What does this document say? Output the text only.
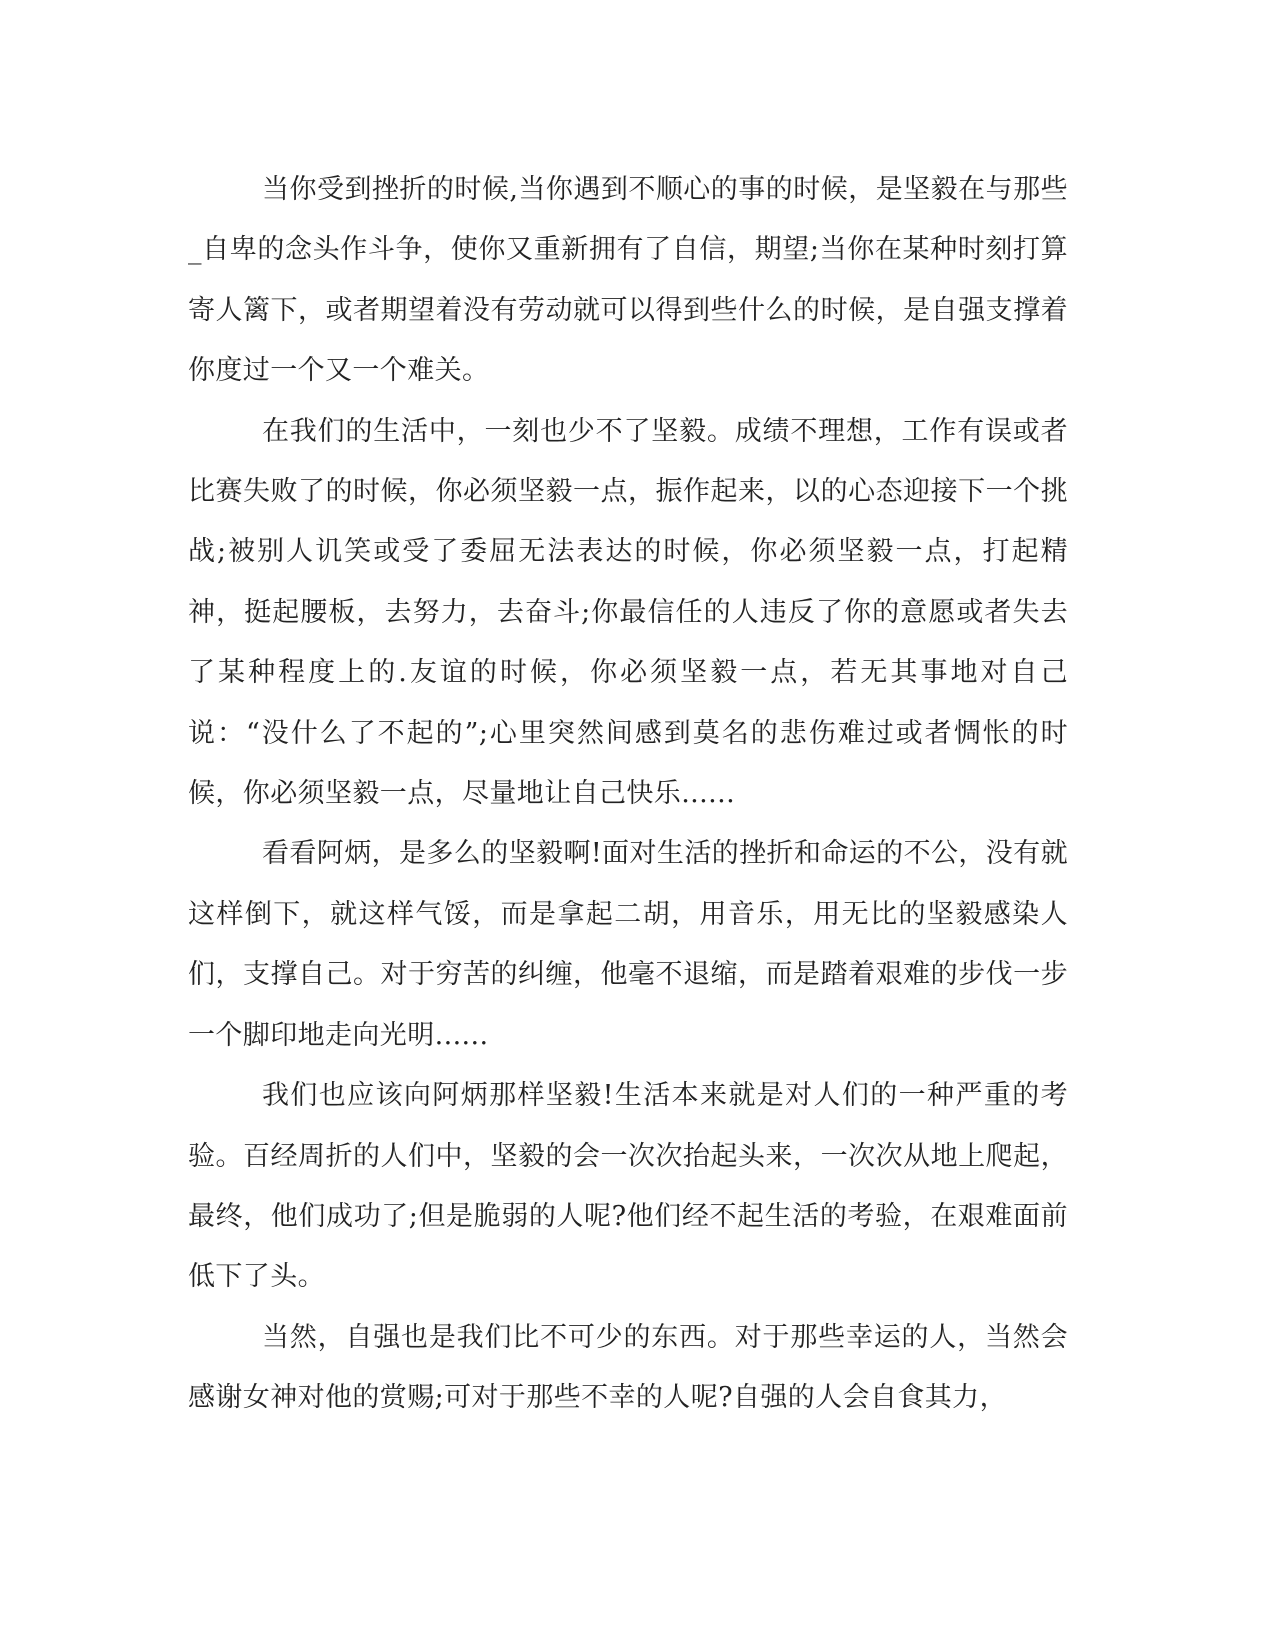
当你受到挫折的时候,当你遇到不顺心的事的时候，是坚毅在与那些_自卑的念头作斗争，使你又重新拥有了自信，期望;当你在某种时刻打算寄人篱下，或者期望着没有劳动就可以得到些什么的时候，是自强支撑着你度过一个又一个难关。

在我们的生活中，一刻也少不了坚毅。成绩不理想，工作有误或者比赛失败了的时候，你必须坚毅一点，振作起来，以的心态迎接下一个挑战;被别人讥笑或受了委屈无法表达的时候，你必须坚毅一点，打起精神，挺起腰板，去努力，去奋斗;你最信任的人违反了你的意愿或者失去了某种程度上的.友谊的时候，你必须坚毅一点，若无其事地对自己说：“没什么了不起的”;心里突然间感到莫名的悲伤难过或者惆怅的时候，你必须坚毅一点，尽量地让自己快乐......

看看阿炳，是多么的坚毅啊!面对生活的挫折和命运的不公，没有就这样倒下，就这样气馁，而是拿起二胡，用音乐，用无比的坚毅感染人们，支撑自己。对于穷苦的纠缠，他毫不退缩，而是踏着艰难的步伐一步一个脚印地走向光明......

我们也应该向阿炳那样坚毅!生活本来就是对人们的一种严重的考验。百经周折的人们中，坚毅的会一次次抬起头来，一次次从地上爬起，最终，他们成功了;但是脆弱的人呢?他们经不起生活的考验，在艰难面前低下了头。

当然，自强也是我们比不可少的东西。对于那些幸运的人，当然会感谢女神对他的赏赐;可对于那些不幸的人呢?自强的人会自食其力，
